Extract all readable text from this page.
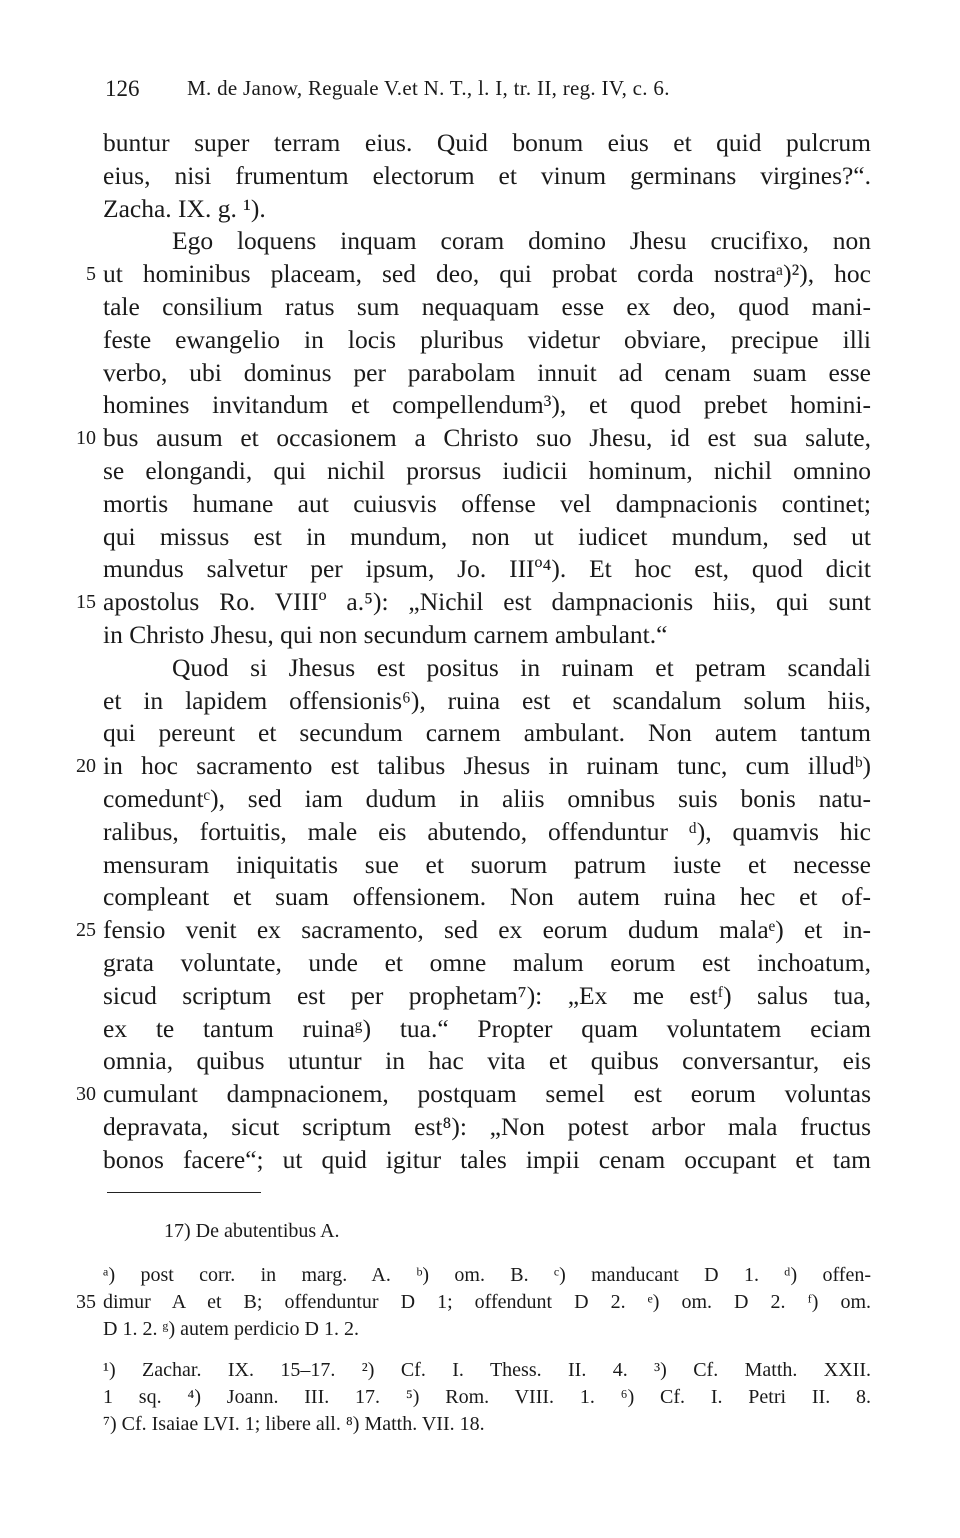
126 M. de Janow, Reguale V.et N. T., l. I, tr. II, reg. IV, c. 6.
buntur super terram eius. Quid bonum eius et quid pulcrum
eius, nisi frumentum electorum et vinum germinans virgines?“.
Zacha. IX. g. ¹).
Ego loquens inquam coram domino Jhesu crucifixo, non
ut hominibus placeam, sed deo, qui probat corda nostraᵃ)²), hoc
tale consilium ratus sum nequaquam esse ex deo, quod mani-
feste ewangelio in locis pluribus videtur obviare, precipue illi
verbo, ubi dominus per parabolam innuit ad cenam suam esse
homines invitandum et compellendum³), et quod prebet homini-
bus ausum et occasionem a Christo suo Jhesu, id est sua salute,
se elongandi, qui nichil prorsus iudicii hominum, nichil omnino
mortis humane aut cuiusvis offense vel dampnacionis continet;
qui missus est in mundum, non ut iudicet mundum, sed ut
mundus salvetur per ipsum, Jo. IIIº⁴). Et hoc est, quod dicit
apostolus Ro. VIIIº a.⁵): „Nichil est dampnacionis hiis, qui sunt
in Christo Jhesu, qui non secundum carnem ambulant.“
Quod si Jhesus est positus in ruinam et petram scandali
et in lapidem offensionis⁶), ruina est et scandalum solum hiis,
qui pereunt et secundum carnem ambulant. Non autem tantum
in hoc sacramento est talibus Jhesus in ruinam tunc, cum illudᵇ)
comeduntᶜ), sed iam dudum in aliis omnibus suis bonis natu-
ralibus, fortuitis, male eis abutendo, offenduntur ᵈ), quamvis hic
mensuram iniquitatis sue et suorum patrum iuste et necesse
compleant et suam offensionem. Non autem ruina hec et of-
fensio venit ex sacramento, sed ex eorum dudum malaᵉ) et in-
grata voluntate, unde et omne malum eorum est inchoatum,
sicud scriptum est per prophetam⁷): „Ex me estᶠ) salus tua,
ex te tantum ruinaᵍ) tua.“ Propter quam voluntatem eciam
omnia, quibus utuntur in hac vita et quibus conversantur, eis
cumulant dampnacionem, postquam semel est eorum voluntas
depravata, sicut scriptum est⁸): „Non potest arbor mala fructus
bonos facere“; ut quid igitur tales impii cenam occupant et tam
5
10
15
20
25
30
17) De abutentibus A.
ᵃ) post corr. in marg. A. ᵇ) om. B. ᶜ) manducant D 1. ᵈ) offen-
dimur A et B; offenduntur D 1; offendunt D 2. ᵉ) om. D 2. ᶠ) om.
35
D 1. 2. ᵍ) autem perdicio D 1. 2.
¹) Zachar. IX. 15–17. ²) Cf. I. Thess. II. 4. ³) Cf. Matth. XXII.
1 sq. ⁴) Joann. III. 17. ⁵) Rom. VIII. 1. ⁶) Cf. I. Petri II. 8.
⁷) Cf. Isaiae LVI. 1; libere all. ⁸) Matth. VII. 18.
